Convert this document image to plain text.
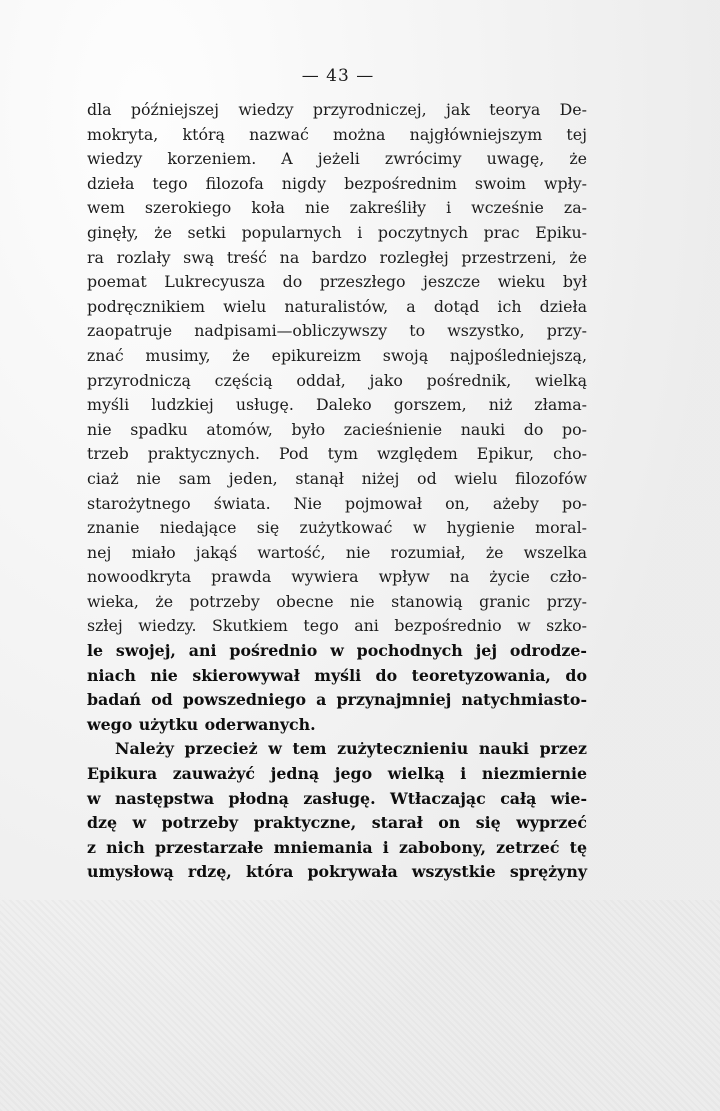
— 43 —
dla późniejszej wiedzy przyrodniczej, jak teorya De-
mokryta, którą nazwać można najgłówniejszym tej
wiedzy korzeniem. A jeżeli zwrócimy uwagę, że
dzieła tego filozofa nigdy bezpośrednim swoim wpły-
wem szerokiego koła nie zakreśliły i wcześnie za-
ginęły, że setki popularnych i poczytnych prac Epiku-
ra rozlały swą treść na bardzo rozległej przestrzeni, że
poemat Lukrecyusza do przeszłego jeszcze wieku był
podręcznikiem wielu naturalistów, a dotąd ich dzieła
zaopatruje nadpisami—obliczywszy to wszystko, przy-
znać musimy, że epikureizm swoją najpośledniejszą,
przyrodniczą częścią oddał, jako pośrednik, wielką
myśli ludzkiej usługę. Daleko gorszem, niż złama-
nie spadku atomów, było zacieśnienie nauki do po-
trzeb praktycznych. Pod tym względem Epikur, cho-
ciaż nie sam jeden, stanął niżej od wielu filozofów
starożytnego świata. Nie pojmował on, ażeby po-
znanie niedające się zużytkować w hygienie moral-
nej miało jakąś wartość, nie rozumiał, że wszelka
nowoodkryta prawda wywiera wpływ na życie czło-
wieka, że potrzeby obecne nie stanowią granic przy-
szłej wiedzy. Skutkiem tego ani bezpośrednio w szko-
le swojej, ani pośrednio w pochodnych jej odrodze-
niach nie skierowywał myśli do teoretyzowania, do
badań od powszedniego a przynajmniej natychmiasto-
wego użytku oderwanych.
Należy przecież w tem zużytecznieniu nauki przez
Epikura zauważyć jedną jego wielką i niezmiernie
w następstwa płodną zasługę. Wtłaczając całą wie-
dzę w potrzeby praktyczne, starał on się wyprzeć
z nich przestarzałe mniemania i zabobony, zetrzeć tę
umysłową rdzę, która pokrywała wszystkie sprężyny
